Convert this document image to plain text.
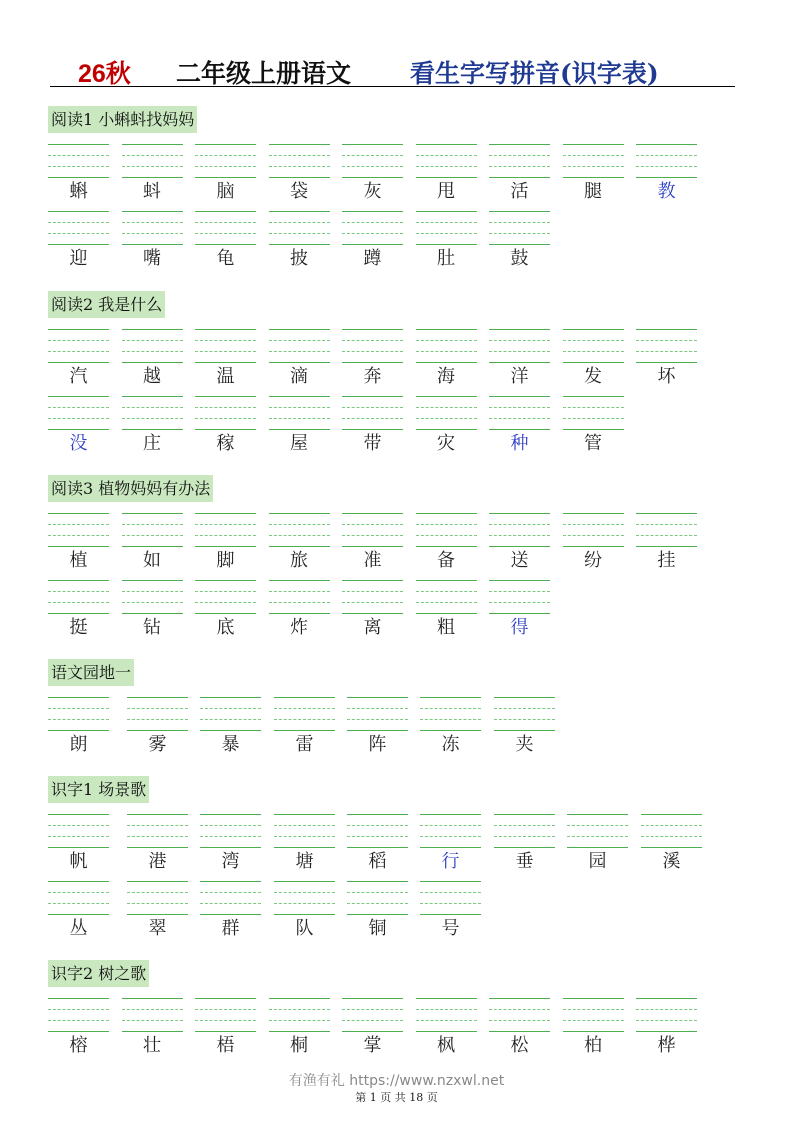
26秋 二年级上册语文 看生字写拼音(识字表)
阅读1 小蝌蚪找妈妈
蝌	蚪	脑	袋	灰	甩	活	腿	教
迎	嘴	龟	披	蹲	肚	鼓
阅读2 我是什么
汽	越	温	滴	奔	海	洋	发	坏
没	庄	稼	屋	带	灾	种	管
阅读3 植物妈妈有办法
植	如	脚	旅	准	备	送	纷	挂
挺	钻	底	炸	离	粗	得
语文园地一
朗	雾	暴	雷	阵	冻	夹
识字1 场景歌
帆	港	湾	塘	稻	行	垂	园	溪
丛	翠	群	队	铜	号
识字2 树之歌
榕	壮	梧	桐	掌	枫	松	柏	桦
有渔有礼 https://www.nzxwl.net
第 1 页 共 18 页
